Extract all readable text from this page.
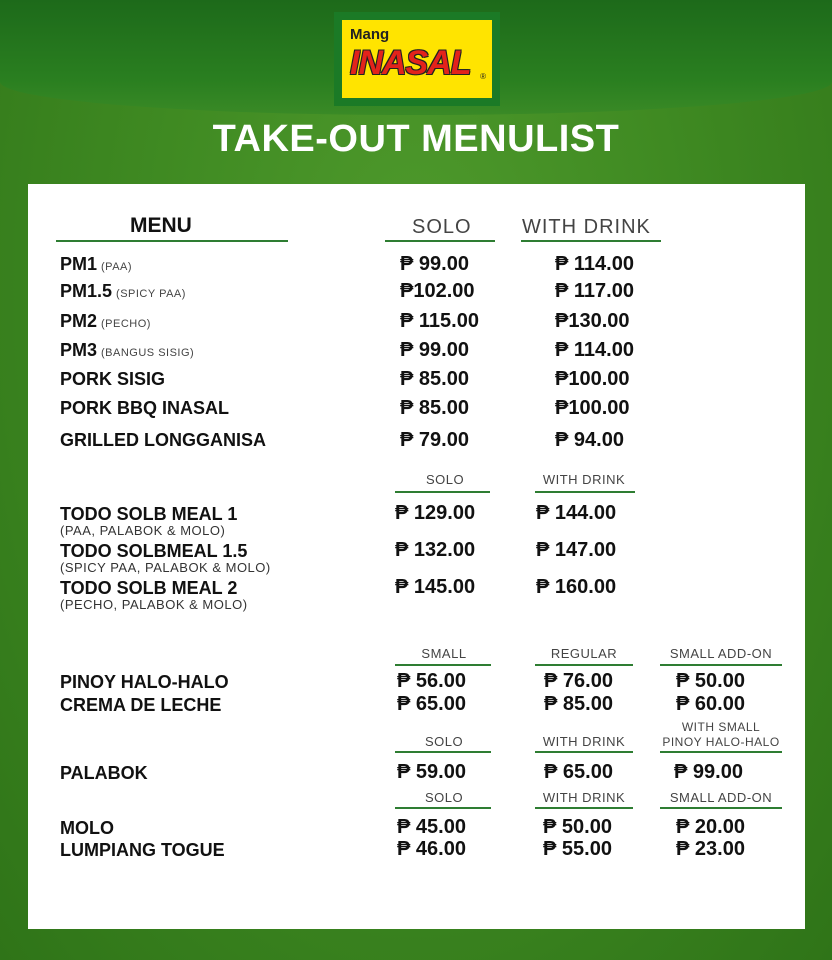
Mang
INASAL ®
TAKE-OUT MENULIST
MENU	SOLO	WITH DRINK
PM1 (PAA)	₱ 99.00	₱ 114.00
PM1.5 (SPICY PAA)	₱102.00	₱ 117.00
PM2 (PECHO)	₱ 115.00	₱130.00
PM3 (BANGUS SISIG)	₱ 99.00	₱ 114.00
PORK SISIG	₱ 85.00	₱100.00
PORK BBQ INASAL	₱ 85.00	₱100.00
GRILLED LONGGANISA	₱ 79.00	₱ 94.00
SOLO	WITH DRINK
TODO SOLB MEAL 1
(PAA, PALABOK & MOLO)
₱ 129.00	₱ 144.00
TODO SOLBMEAL 1.5
(SPICY PAA, PALABOK & MOLO)
₱ 132.00	₱ 147.00
TODO SOLB MEAL 2
(PECHO, PALABOK & MOLO)
₱ 145.00	₱ 160.00
SMALL	REGULAR	SMALL ADD-ON
PINOY HALO-HALO	₱ 56.00	₱ 76.00	₱ 50.00
CREMA DE LECHE	₱ 65.00	₱ 85.00	₱ 60.00
WITH SMALL
SOLO	WITH DRINK	PINOY HALO-HALO
PALABOK	₱ 59.00	₱ 65.00	₱ 99.00
SOLO	WITH DRINK	SMALL ADD-ON
MOLO	₱ 45.00	₱ 50.00	₱ 20.00
LUMPIANG TOGUE	₱ 46.00	₱ 55.00	₱ 23.00
